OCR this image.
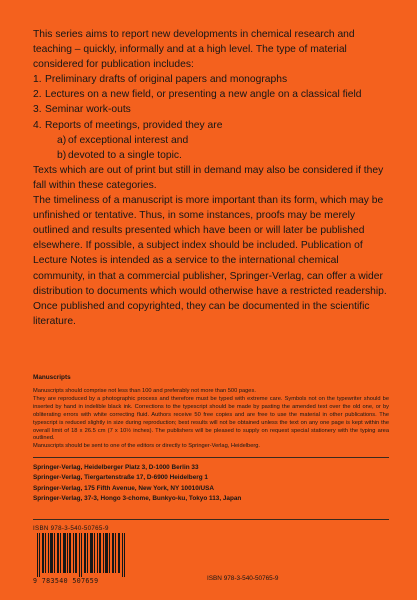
This series aims to report new developments in chemical research and teaching – quickly, informally and at a high level. The type of material considered for publication includes:

1. Preliminary drafts of original papers and monographs
2. Lectures on a new field, or presenting a new angle on a classical field
3. Seminar work-outs
4. Reports of meetings, provided they are
a) of exceptional interest and
b) devoted to a single topic.

Texts which are out of print but still in demand may also be considered if they fall within these categories.

The timeliness of a manuscript is more important than its form, which may be unfinished or tentative. Thus, in some instances, proofs may be merely outlined and results presented which have been or will later be published elsewhere. If possible, a subject index should be included. Publication of Lecture Notes is intended as a service to the international chemical community, in that a commercial publisher, Springer-Verlag, can offer a wider distribution to documents which would otherwise have a restricted readership. Once published and copyrighted, they can be documented in the scientific literature.

Manuscripts

Manuscripts should comprise not less than 100 and preferably not more than 500 pages.

They are reproduced by a photographic process and therefore must be typed with extreme care. Symbols not on the typewriter should be inserted by hand in indelible black ink. Corrections to the typescript should be made by pasting the amended text over the old one, or by obliterating errors with white correcting fluid. Authors receive 50 free copies and are free to use the material in other publications. The typescript is reduced slightly in size during reproduction; best results will not be obtained unless the text on any one page is kept within the overall limit of 18 x 26.5 cm (7 x 10½ inches). The publishers will be pleased to supply on request special stationery with the typing area outlined.

Manuscripts should be sent to one of the editors or directly to Springer-Verlag, Heidelberg.

Springer-Verlag, Heidelberger Platz 3, D-1000 Berlin 33
Springer-Verlag, Tiergartenstraße 17, D-6900 Heidelberg 1
Springer-Verlag, 175 Fifth Avenue, New York, NY 10010/USA
Springer-Verlag, 37-3, Hongo 3-chome, Bunkyo-ku, Tokyo 113, Japan
ISBN 978-3-540-50765-9
9 783540 507659	ISBN 978-3-540-50765-9
